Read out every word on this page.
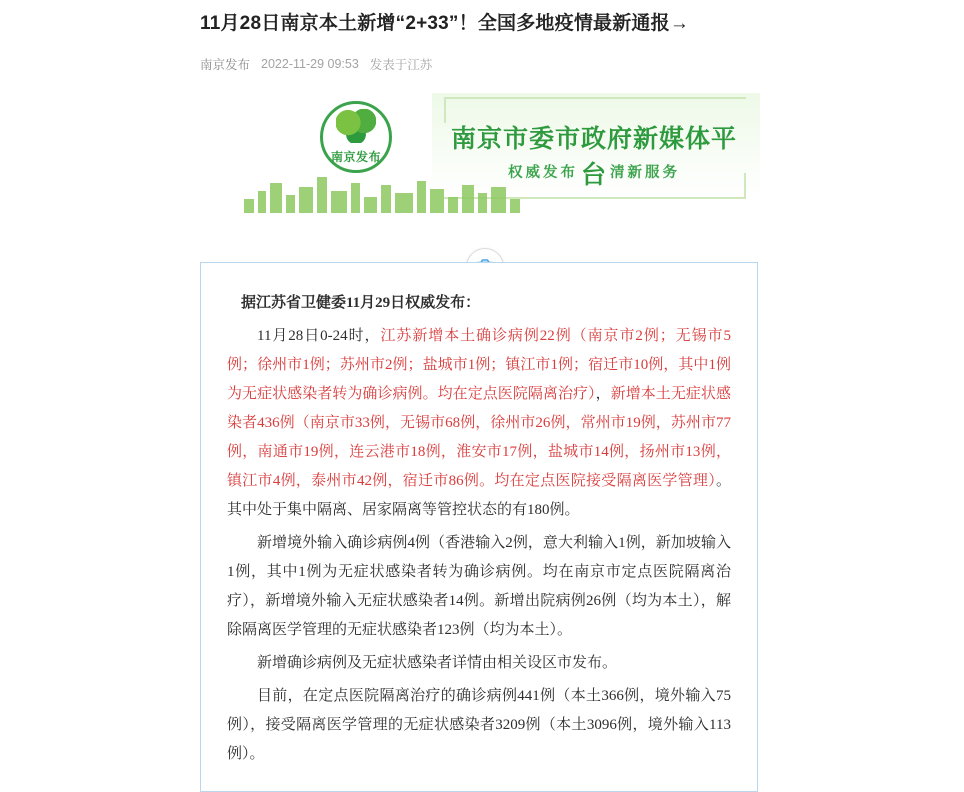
11月28日南京本土新增“2+33”！全国多地疫情最新通报→
南京发布 2022-11-29 09:53 发表于江苏
南京市委市政府新媒体平台
权威发布 清新服务
南京发布

据江苏省卫健委11月29日权威发布：

11月28日0-24时，江苏新增本土确诊病例22例（南京市2例；无锡市5例；徐州市1例；苏州市2例；盐城市1例；镇江市1例；宿迁市10例，其中1例为无症状感染者转为确诊病例。均在定点医院隔离治疗），新增本土无症状感染者436例（南京市33例，无锡市68例，徐州市26例，常州市19例，苏州市77例，南通市19例，连云港市18例，淮安市17例，盐城市14例，扬州市13例，镇江市4例，泰州市42例，宿迁市86例。均在定点医院接受隔离医学管理）。其中处于集中隔离、居家隔离等管控状态的有180例。

新增境外输入确诊病例4例（香港输入2例，意大利输入1例，新加坡输入1例，其中1例为无症状感染者转为确诊病例。均在南京市定点医院隔离治疗），新增境外输入无症状感染者14例。新增出院病例26例（均为本土），解除隔离医学管理的无症状感染者123例（均为本土）。

新增确诊病例及无症状感染者详情由相关设区市发布。

目前，在定点医院隔离治疗的确诊病例441例（本土366例，境外输入75例），接受隔离医学管理的无症状感染者3209例（本土3096例，境外输入113例）。
